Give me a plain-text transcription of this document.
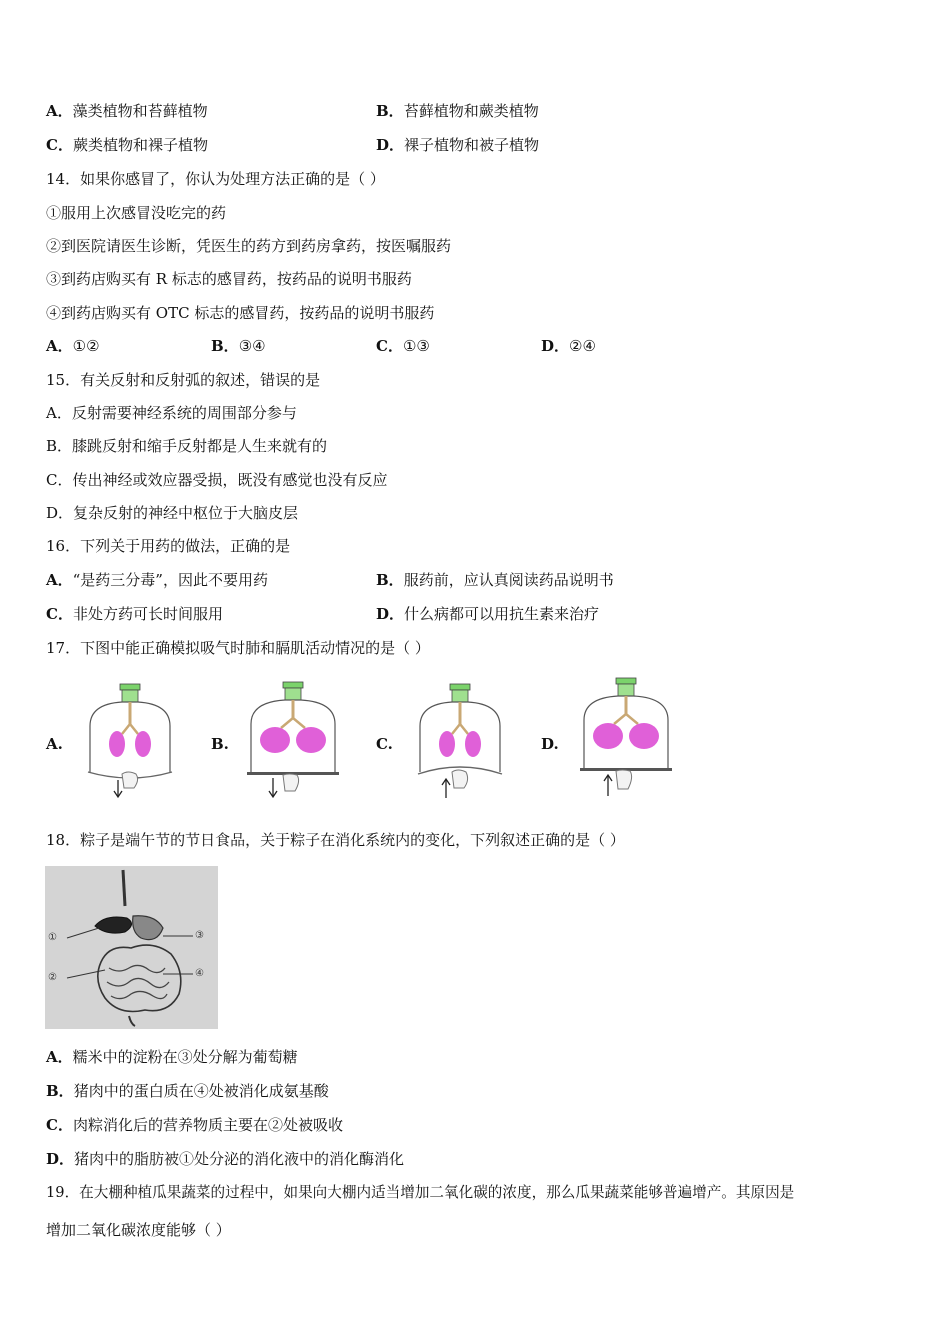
A．藻类植物和苔藓植物	B．苔藓植物和蕨类植物
C．蕨类植物和裸子植物	D．裸子植物和被子植物
14．如果你感冒了，你认为处理方法正确的是（ ）
①服用上次感冒没吃完的药
②到医院请医生诊断，凭医生的药方到药房拿药，按医嘱服药
③到药店购买有 R 标志的感冒药，按药品的说明书服药
④到药店购买有 OTC 标志的感冒药，按药品的说明书服药
A．①②	B．③④	C．①③	D．②④
15．有关反射和反射弧的叙述，错误的是
A．反射需要神经系统的周围部分参与
B．膝跳反射和缩手反射都是人生来就有的
C．传出神经或效应器受损，既没有感觉也没有反应
D．复杂反射的神经中枢位于大脑皮层
16．下列关于用药的做法，正确的是
A．“是药三分毒”，因此不要用药	B．服药前，应认真阅读药品说明书
C．非处方药可长时间服用	D．什么病都可以用抗生素来治疗
17．下图中能正确模拟吸气时肺和膈肌活动情况的是（ ）
A.	B.	C.	D.
18．粽子是端午节的节日食品，关于粽子在消化系统内的变化，下列叙述正确的是（ ）
①
②
③
④
A．糯米中的淀粉在③处分解为葡萄糖
B．猪肉中的蛋白质在④处被消化成氨基酸
C．肉粽消化后的营养物质主要在②处被吸收
D．猪肉中的脂肪被①处分泌的消化液中的消化酶消化
19．在大棚种植瓜果蔬菜的过程中，如果向大棚内适当增加二氧化碳的浓度，那么瓜果蔬菜能够普遍增产。其原因是
增加二氧化碳浓度能够（ ）
